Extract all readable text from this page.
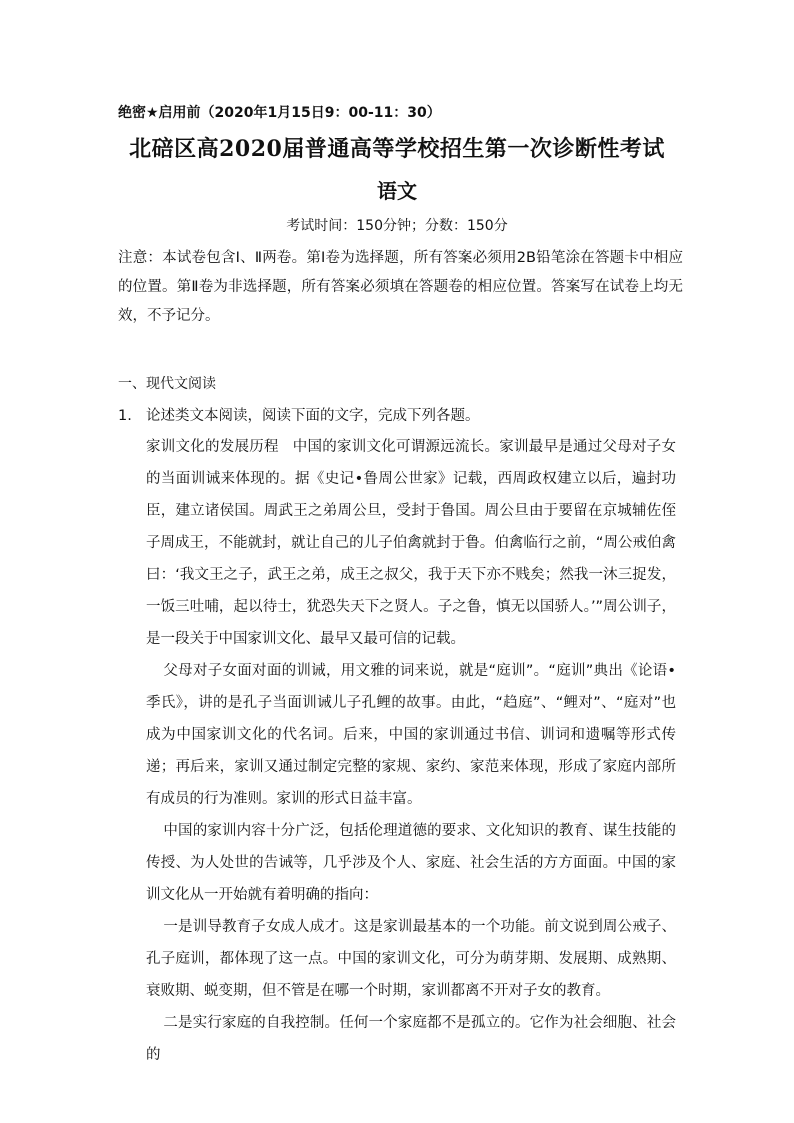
绝密★启用前（2020年1月15日9：00-11：30）
北碚区高2020届普通高等学校招生第一次诊断性考试
语文
考试时间：150分钟；分数：150分
注意：本试卷包含Ⅰ、Ⅱ两卷。第Ⅰ卷为选择题，所有答案必须用2B铅笔涂在答题卡中相应的位置。第Ⅱ卷为非选择题，所有答案必须填在答题卷的相应位置。答案写在试卷上均无效，不予记分。
一、现代文阅读
1. 论述类文本阅读，阅读下面的文字，完成下列各题。

家训文化的发展历程 中国的家训文化可谓源远流长。家训最早是通过父母对子女的当面训诫来体现的。据《史记•鲁周公世家》记载，西周政权建立以后，遍封功臣，建立诸侯国。周武王之弟周公旦，受封于鲁国。周公旦由于要留在京城辅佐侄子周成王，不能就封，就让自己的儿子伯禽就封于鲁。伯禽临行之前，“周公戒伯禽曰：‘我文王之子，武王之弟，成王之叔父，我于天下亦不贱矣；然我一沐三捉发，一饭三吐哺，起以待士，犹恐失天下之贤人。子之鲁，慎无以国骄人。’”周公训子，是一段关于中国家训文化、最早又最可信的记载。

父母对子女面对面的训诫，用文雅的词来说，就是“庭训”。“庭训”典出《论语•季氏》，讲的是孔子当面训诫儿子孔鲤的故事。由此，“趋庭”、“鲤对”、“庭对”也成为中国家训文化的代名词。后来，中国的家训通过书信、训词和遗嘱等形式传递；再后来，家训又通过制定完整的家规、家约、家范来体现，形成了家庭内部所有成员的行为准则。家训的形式日益丰富。

中国的家训内容十分广泛，包括伦理道德的要求、文化知识的教育、谋生技能的传授、为人处世的告诫等，几乎涉及个人、家庭、社会生活的方方面面。中国的家训文化从一开始就有着明确的指向：

一是训导教育子女成人成才。这是家训最基本的一个功能。前文说到周公戒子、孔子庭训，都体现了这一点。中国的家训文化，可分为萌芽期、发展期、成熟期、衰败期、蜕变期，但不管是在哪一个时期，家训都离不开对子女的教育。

二是实行家庭的自我控制。任何一个家庭都不是孤立的。它作为社会细胞、社会的
